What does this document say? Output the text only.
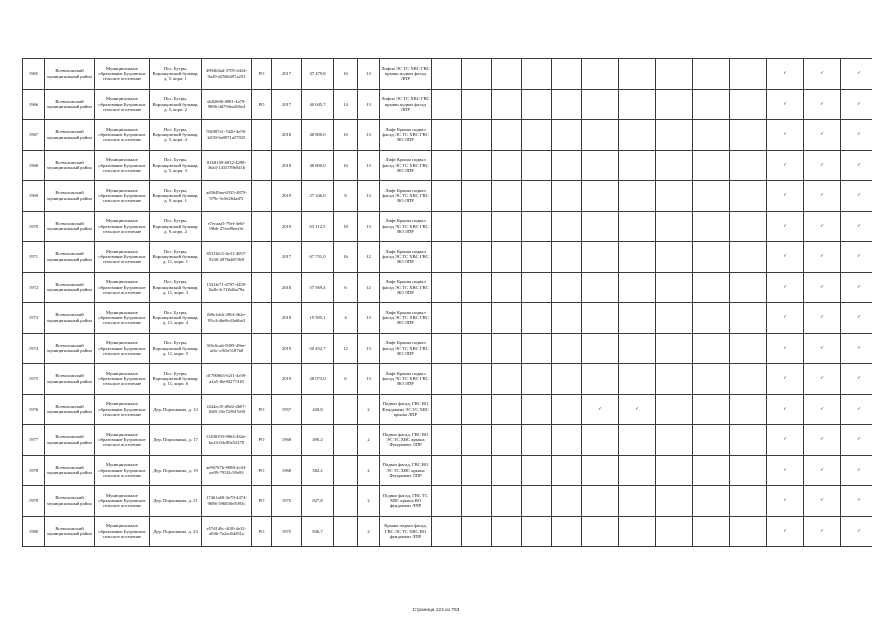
1965	Всеволожский муниципальный район	Муниципальное образование Бугровское сельское поселение	Пос. Бугры, Воронцовский бульвар, д. 5, корп. 1	499464ad-3705-4434-9a49-d2566497a253	РО	2017	47 479,8	16	13	Лифты ЭС ТС ХВС ГВС крыши подвал фасад ЛПР											✓	✓	✓
1966	Всеволожский муниципальный район	Муниципальное образование Бугровское сельское поселение	Пос. Бугры, Воронцовский бульвар, д. 5, корп. 2	de82606-d981-4a79-9806-dd794ea266e4	РО	2017	40 045,7	14	13	Лифты ЭС ТС ХВС ГВС крыши подвал фасад ЛПР											✓	✓	✓
1967	Всеволожский муниципальный район	Муниципальное образование Бугровское сельское поселение	Пос. Бугры, Воронцовский бульвар, д. 5, корп. 4	93f087e1-7d20-4e59-b539-6a0971a57925		2018	48 800,0	16	13	Лифт Крыша подвал фасад ЭС ТС ХВС ГВС ВО ЛПР											✓	✓	✓
1968	Всеволожский муниципальный район	Муниципальное образование Бугровское сельское поселение	Пос. Бугры, Воронцовский бульвар, д. 5, корп. 3	81b8149-6032-4298-36a3-14337f9b041b		2018	48 800,0	16	13	Лифт Крыша подвал фасад ЭС ТС ХВС ГВС ВО ЛПР											✓	✓	✓
1969	Всеволожский муниципальный район	Муниципальное образование Бугровское сельское поселение	Пос. Бугры, Воронцовский бульвар, д. 9, корп. 1	ad5649aa-6535-4879-979c-5c8e264ad7f		2019	27 346,0	8	13	Лифт Крыша подвал фасад ЭС ТС ХВС ГВС ВО ЛПР											✓	✓	✓
1970	Всеволожский муниципальный район	Муниципальное образование Бугровское сельское поселение	Пос. Бугры, Воронцовский бульвар, д. 9, корп. 2	e7ecaaa5-79ef-4e6f-98eb-27eed9eea3e		2019	63 112,5	18	13	Лифт Крыша подвал фасад ЭС ТС ХВС ГВС ВО ЛПР											✓	✓	✓
1971	Всеволожский муниципальный район	Муниципальное образование Бугровское сельское поселение	Пос. Бугры, Воронцовский бульвар, д. 11, корп. 1	65316fc5-4e31-4057-9230-2876eb870f8		2017	67 731,0	16	12	Лифт Крыша подвал фасад ЭС ТС ХВС ГВС ВО ЛПР											✓	✓	✓
1972	Всеволожский муниципальный район	Муниципальное образование Бугровское сельское поселение	Пос. Бугры, Воронцовский бульвар, д. 11, корп. 3	1332fe71-d797-4450-8a2b-2c7f2bfba78a		2018	57 569,4	6	12	Лифт Крыша подвал фасад ЭС ТС ХВС ГВС ВО ЛПР											✓	✓	✓
1973	Всеволожский муниципальный район	Муниципальное образование Бугровское сельское поселение	Пос. Бугры, Воронцовский бульвар, д. 11, корп. 4	fb9e1dcb-286f-462e-95c4-dbe8cd3a6ba3		2018	19 505,1	4	13	Лифт Крыша подвал фасад ЭС ТС ХВС ГВС ВО ЛПР											✓	✓	✓
1974	Всеволожский муниципальный район	Муниципальное образование Бугровское сельское поселение	Пос. Бугры, Воронцовский бульвар, д. 11, корп. 5	5f6c6ca6-8309-49ee-af4c-cf65e5187b8		2019	50 452,7	12	13	Лифт Крыша подвал фасад ЭС ТС ХВС ГВС ВО ЛПР											✓	✓	✓
1975	Всеволожский муниципальный район	Муниципальное образование Бугровское сельское поселение	Пос. Бугры, Воронцовский бульвар, д. 11, корп. 6	d1790663-62f1-4e59-a2a5-f6e90277418		2019	28 073,0	6	13	Лифт Крыша подвал фасад ЭС ТС ХВС ГВС ВО ЛПР											✓	✓	✓
1976	Всеволожский муниципальный район	Муниципальное образование Бугровское сельское поселение	Дер. Порошкино, д. 13	f442ecf5-d9d2-4607-1665-10e7258f7e00	РО	1957	430,8		2	Подвал фасад, ГВС ВО Фундамент ЭС ТС ХВС крыша ЛПР						✓	✓				✓	✓	✓
1977	Всеволожский муниципальный район	Муниципальное образование Бугровское сельское поселение	Дер. Порошкино, д. 17	f1208193-0964-462e-be24-64c80e52278	РО	1968	490,2		2	Подвал фасад, ГВС ВО ЭС ТС ХВС крыша Фундамент ЛПР											✓	✓	✓
1978	Всеволожский муниципальный район	Муниципальное образование Бугровское сельское поселение	Дер. Порошкино, д. 19	ae96797b-9088-4c03-ae09-795f2c59a93	РО	1968	582,2		2	Подвал фасад, ГВС ВО ЭС ТС ХВС крыша Фундамент ЛПР											✓	✓	✓
1979	Всеволожский муниципальный район	Муниципальное образование Бугровское сельское поселение	Дер. Порошкино, д. 21	17461a69-3e79-4474-9686-596836e5093c	РО	1975	827,8		2	Подвал фасад, ГВС ТС ХВС крыша ВО фундамент ЛПР											✓	✓	✓
1980	Всеволожский муниципальный район	Муниципальное образование Бугровское сельское поселение	Дер. Порошкино, д. 23	e57d146c-4f30-4e31-a04b-7a2ac8d291a	РО	1975	836,7		2	Крыша подвал фасад, ГВС ЭС ТС ХВС ВО фундамент ЛПР											✓	✓	✓
Страница 124 из 753
